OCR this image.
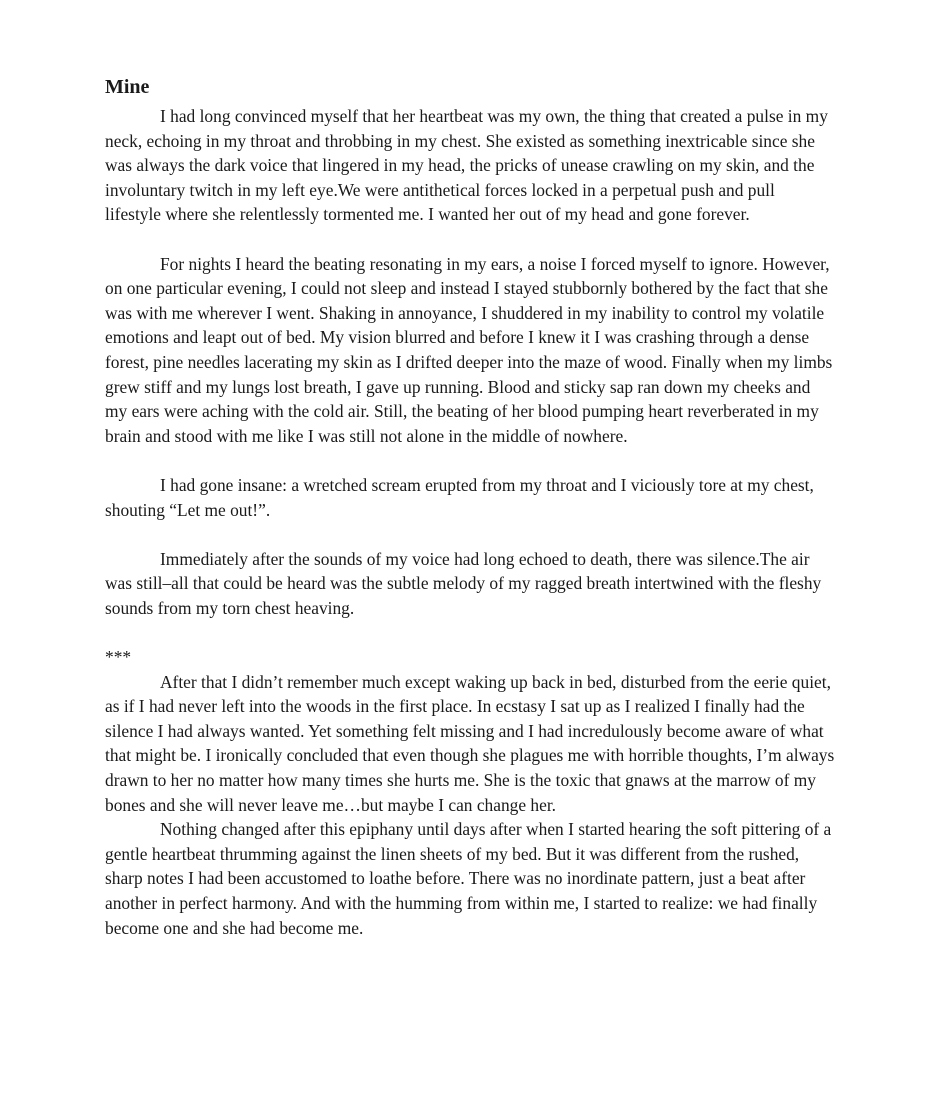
Mine

I had long convinced myself that her heartbeat was my own, the thing that created a pulse in my neck, echoing in my throat and throbbing in my chest. She existed as something inextricable since she was always the dark voice that lingered in my head, the pricks of unease crawling on my skin, and the involuntary twitch in my left eye.We were antithetical forces locked in a perpetual push and pull lifestyle where she relentlessly tormented me. I wanted her out of my head and gone forever.

For nights I heard the beating resonating in my ears, a noise I forced myself to ignore. However, on one particular evening, I could not sleep and instead I stayed stubbornly bothered by the fact that she was with me wherever I went. Shaking in annoyance, I shuddered in my inability to control my volatile emotions and leapt out of bed. My vision blurred and before I knew it I was crashing through a dense forest, pine needles lacerating my skin as I drifted deeper into the maze of wood. Finally when my limbs grew stiff and my lungs lost breath, I gave up running. Blood and sticky sap ran down my cheeks and my ears were aching with the cold air. Still, the beating of her blood pumping heart reverberated in my brain and stood with me like I was still not alone in the middle of nowhere.

I had gone insane: a wretched scream erupted from my throat and I viciously tore at my chest, shouting “Let me out!”.

Immediately after the sounds of my voice had long echoed to death, there was silence.The air was still–all that could be heard was the subtle melody of my ragged breath intertwined with the fleshy sounds from my torn chest heaving.

***

After that I didn’t remember much except waking up back in bed, disturbed from the eerie quiet, as if I had never left into the woods in the first place. In ecstasy I sat up as I realized I finally had the silence I had always wanted. Yet something felt missing and I had incredulously become aware of what that might be. I ironically concluded that even though she plagues me with horrible thoughts, I’m always drawn to her no matter how many times she hurts me. She is the toxic that gnaws at the marrow of my bones and she will never leave me…but maybe I can change her.

Nothing changed after this epiphany until days after when I started hearing the soft pittering of a gentle heartbeat thrumming against the linen sheets of my bed. But it was different from the rushed, sharp notes I had been accustomed to loathe before. There was no inordinate pattern, just a beat after another in perfect harmony. And with the humming from within me, I started to realize: we had finally become one and she had become me.
